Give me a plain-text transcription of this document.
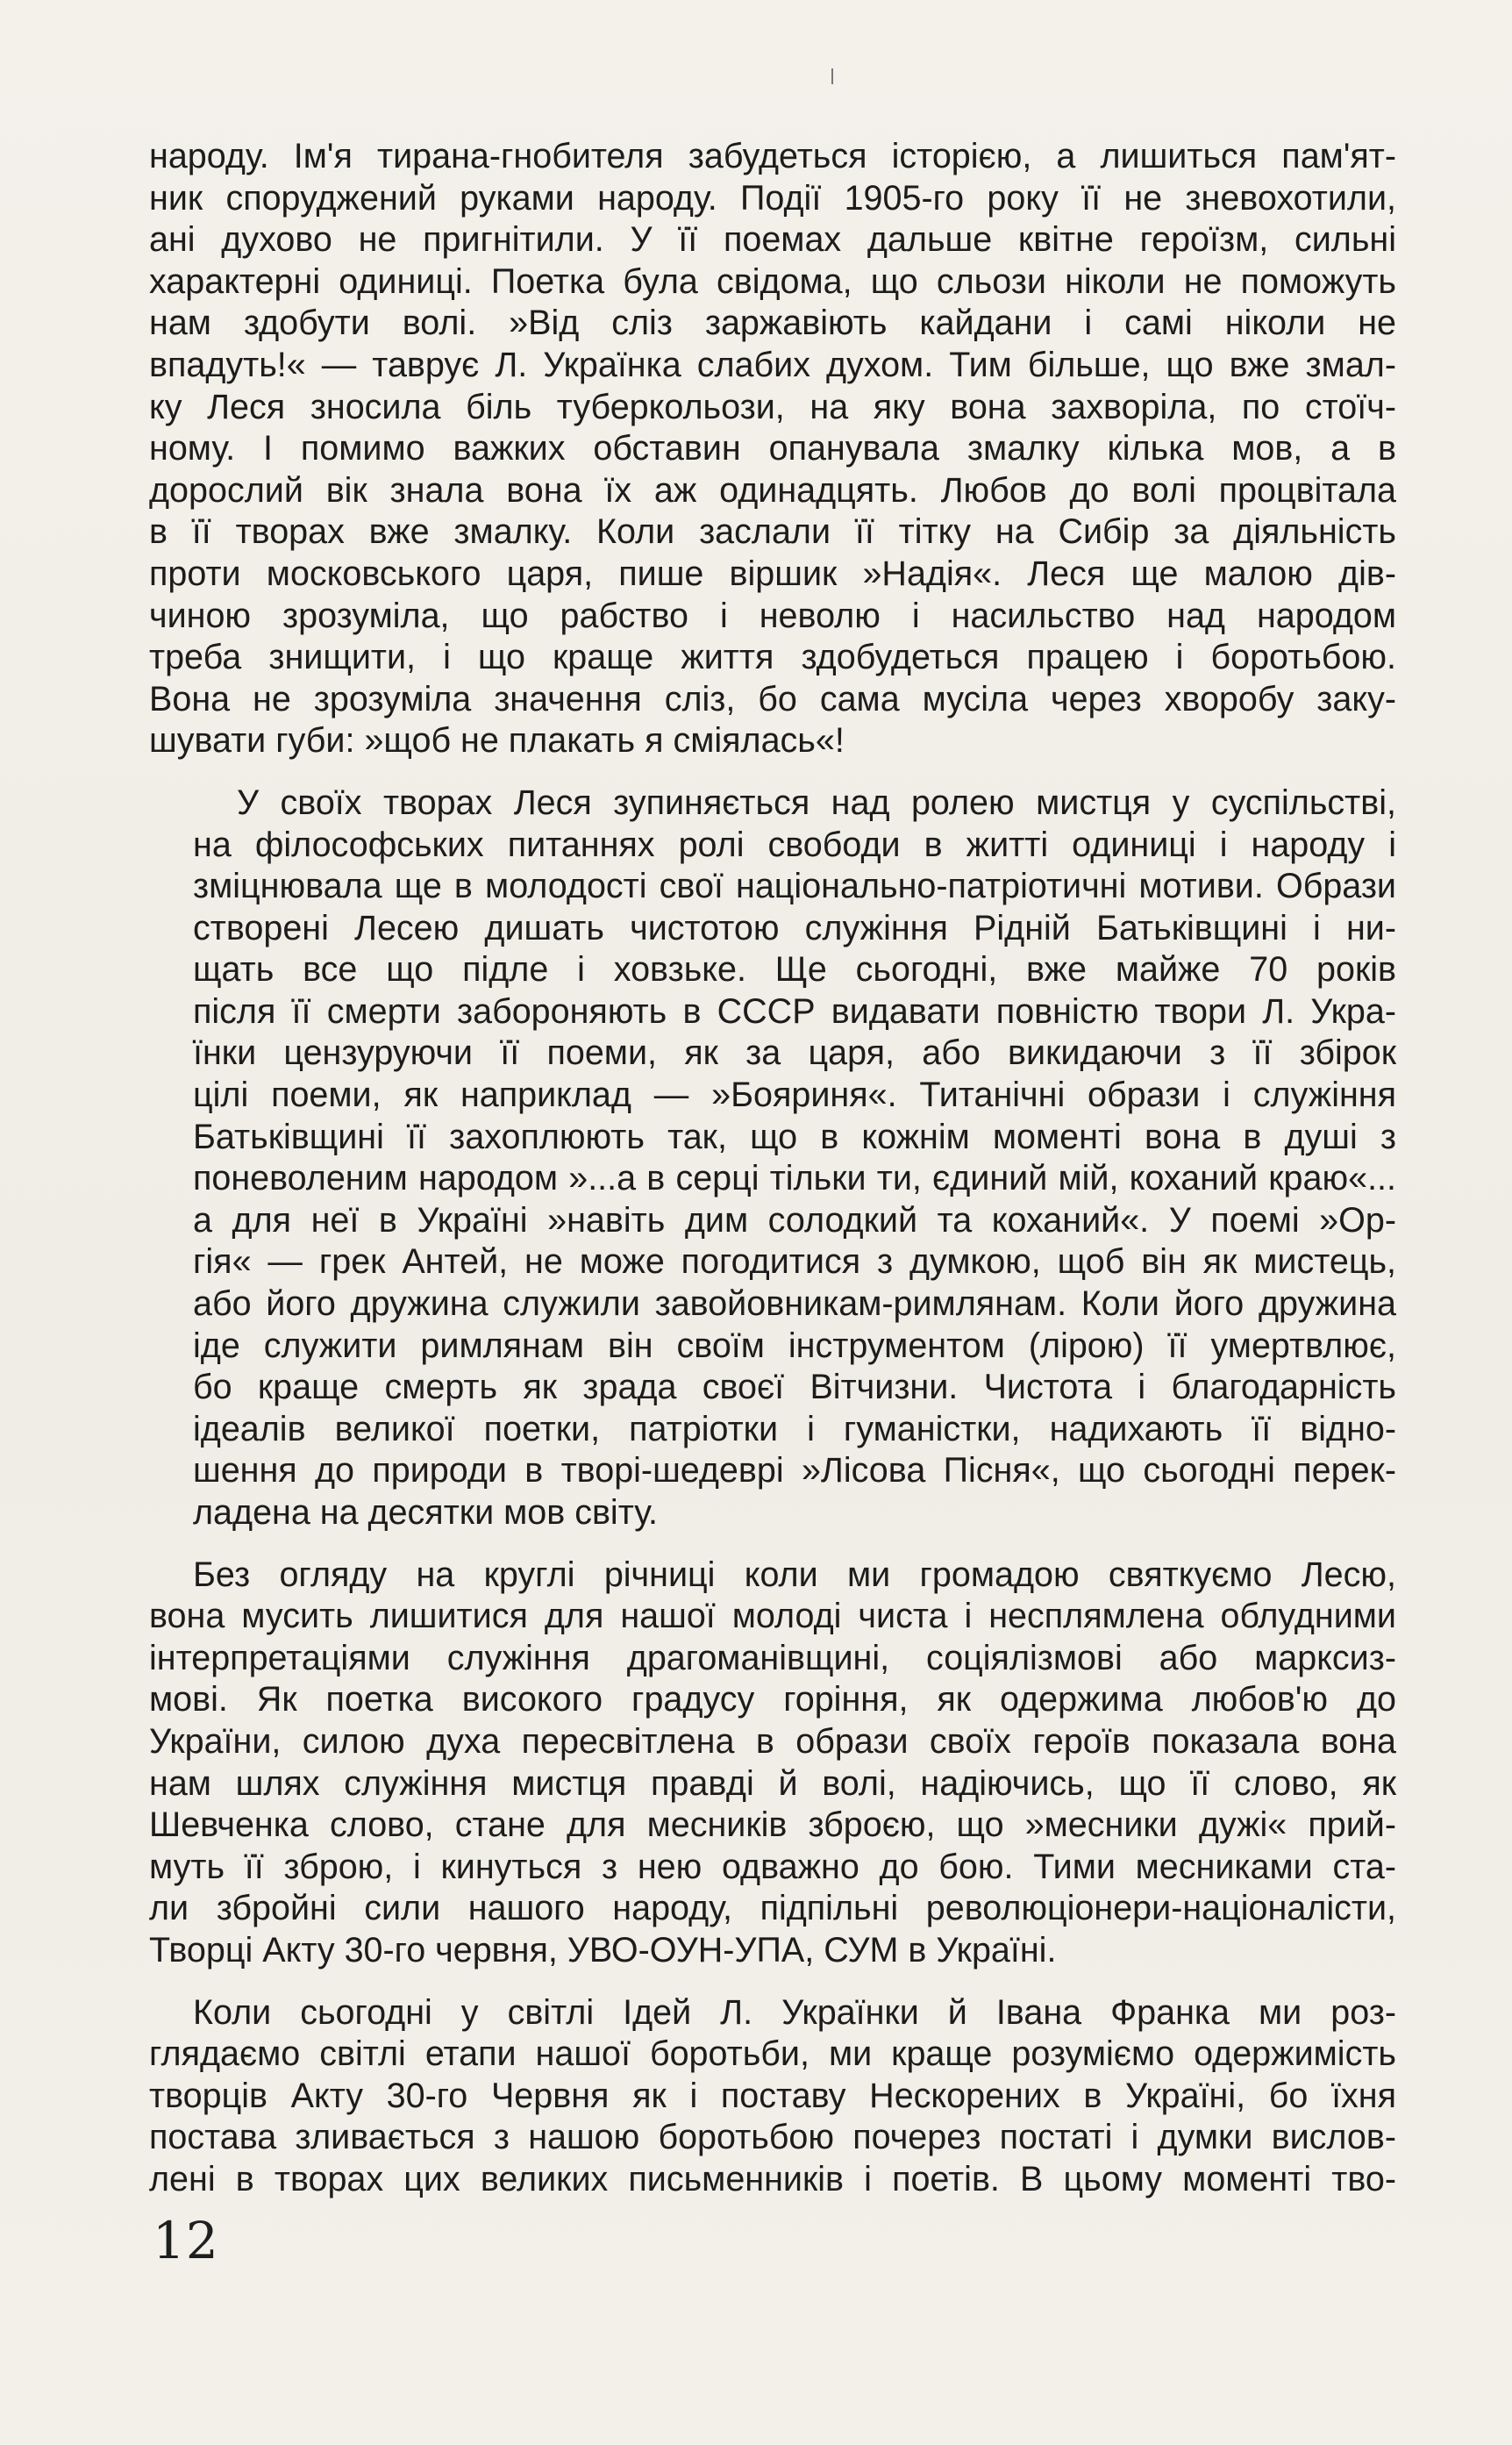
народу. Ім'я тирана-гнобителя забудеться історією, а лишиться пам'ят-
ник споруджений руками народу. Події 1905-го року її не зневохотили,
ані духово не пригнітили. У її поемах дальше квітне героїзм, сильні
характерні одиниці. Поетка була свідома, що сльози ніколи не поможуть
нам здобути волі. »Від сліз заржавіють кайдани і самі ніколи не
впадуть!« — таврує Л. Українка слабих духом. Тим більше, що вже змал-
ку Леся зносила біль туберкольози, на яку вона захворіла, по стоїч-
ному. І помимо важких обставин опанувала змалку кілька мов, а в
дорослий вік знала вона їх аж одинадцять. Любов до волі процвітала
в її творах вже змалку. Коли заслали її тітку на Сибір за діяльність
проти московського царя, пише віршик »Надія«. Леся ще малою дів-
чиною зрозуміла, що рабство і неволю і насильство над народом
треба знищити, і що краще життя здобудеться працею і боротьбою.
Вона не зрозуміла значення сліз, бо сама мусіла через хворобу заку-
шувати губи: »щоб не плакать я сміялась«!
У своїх творах Леся зупиняється над ролею мистця у суспільстві,
на філософських питаннях ролі свободи в житті одиниці і народу і
зміцнювала ще в молодості свої національно-патріотичні мотиви. Образи
створені Лесею дишать чистотою служіння Рідній Батьківщині і ни-
щать все що підле і ховзьке. Ще сьогодні, вже майже 70 років
після її смерти забороняють в СССР видавати повністю твори Л. Укра-
їнки цензуруючи її поеми, як за царя, або викидаючи з її збірок
цілі поеми, як наприклад — »Бояриня«. Титанічні образи і служіння
Батьківщині її захоплюють так, що в кожнім моменті вона в душі з
поневоленим народом »...а в серці тільки ти, єдиний мій, коханий краю«...
а для неї в Україні »навіть дим солодкий та коханий«. У поемі »Ор-
гія« — грек Антей, не може погодитися з думкою, щоб він як мистець,
або його дружина служили завойовникам-римлянам. Коли його дружина
іде служити римлянам він своїм інструментом (лірою) її умертвлює,
бо краще смерть як зрада своєї Вітчизни. Чистота і благодарність
ідеалів великої поетки, патріотки і гуманістки, надихають її відно-
шення до природи в творі-шедеврі »Лісова Пісня«, що сьогодні перек-
ладена на десятки мов світу.
Без огляду на круглі річниці коли ми громадою святкуємо Лесю,
вона мусить лишитися для нашої молоді чиста і несплямлена облудними
інтерпретаціями служіння драгоманівщині, соціялізмові або марксиз-
мові. Як поетка високого градусу горіння, як одержима любов'ю до
України, силою духа пересвітлена в образи своїх героїв показала вона
нам шлях служіння мистця правді й волі, надіючись, що її слово, як
Шевченка слово, стане для месників зброєю, що »месники дужі« прий-
муть її зброю, і кинуться з нею одважно до бою. Тими месниками ста-
ли збройні сили нашого народу, підпільні революціонери-націоналісти,
Творці Акту 30-го червня, УВО-ОУН-УПА, СУМ в Україні.
Коли сьогодні у світлі Ідей Л. Українки й Івана Франка ми роз-
глядаємо світлі етапи нашої боротьби, ми краще розуміємо одержимість
творців Акту 30-го Червня як і поставу Нескорених в Україні, бо їхня
постава зливається з нашою боротьбою почерез постаті і думки вислов-
лені в творах цих великих письменників і поетів. В цьому моменті тво-
12
